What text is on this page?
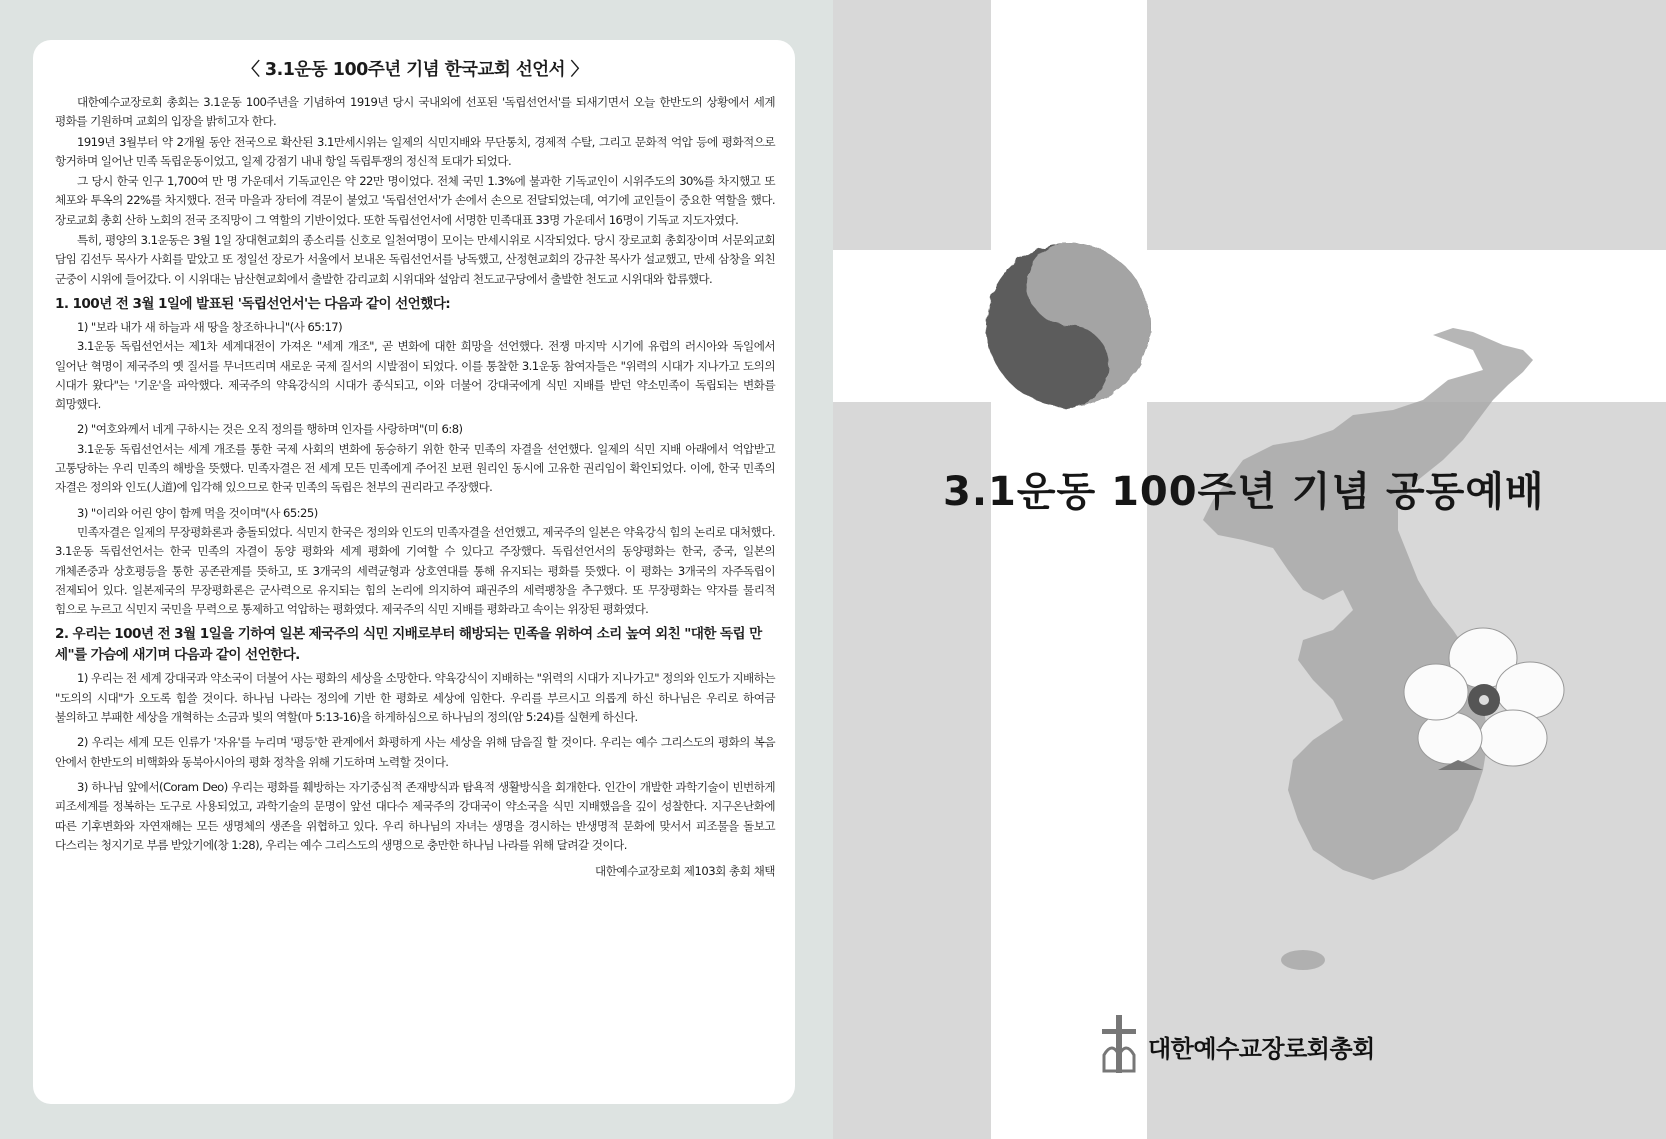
〈 3.1운동 100주년 기념 한국교회 선언서 〉

대한예수교장로회 총회는 3.1운동 100주년을 기념하여 1919년 당시 국내외에 선포된 '독립선언서'를 되새기면서 오늘 한반도의 상황에서 세계 평화를 기원하며 교회의 입장을 밝히고자 한다.

1919년 3월부터 약 2개월 동안 전국으로 확산된 3.1만세시위는 일제의 식민지배와 무단통치, 경제적 수탈, 그리고 문화적 억압 등에 평화적으로 항거하며 일어난 민족 독립운동이었고, 일제 강점기 내내 항일 독립투쟁의 정신적 토대가 되었다.

그 당시 한국 인구 1,700여 만 명 가운데서 기독교인은 약 22만 명이었다. 전체 국민 1.3%에 불과한 기독교인이 시위주도의 30%를 차지했고 또 체포와 투옥의 22%를 차지했다. 전국 마을과 장터에 격문이 붙었고 '독립선언서'가 손에서 손으로 전달되었는데, 여기에 교인들이 중요한 역할을 했다. 장로교회 총회 산하 노회의 전국 조직망이 그 역할의 기반이었다. 또한 독립선언서에 서명한 민족대표 33명 가운데서 16명이 기독교 지도자였다.

특히, 평양의 3.1운동은 3월 1일 장대현교회의 종소리를 신호로 일천여명이 모이는 만세시위로 시작되었다. 당시 장로교회 총회장이며 서문외교회 담임 김선두 목사가 사회를 맡았고 또 정일선 장로가 서울에서 보내온 독립선언서를 낭독했고, 산정현교회의 강규찬 목사가 설교했고, 만세 삼창을 외친 군중이 시위에 들어갔다. 이 시위대는 남산현교회에서 출발한 감리교회 시위대와 설암리 천도교구당에서 출발한 천도교 시위대와 합류했다.

1. 100년 전 3월 1일에 발표된 '독립선언서'는 다음과 같이 선언했다:
1) "보라 내가 새 하늘과 새 땅을 창조하나니"(사 65:17)

3.1운동 독립선언서는 제1차 세계대전이 가져온 "세계 개조", 곧 변화에 대한 희망을 선언했다. 전쟁 마지막 시기에 유럽의 러시아와 독일에서 일어난 혁명이 제국주의 옛 질서를 무너뜨리며 새로운 국제 질서의 시발점이 되었다. 이를 통찰한 3.1운동 참여자들은 "위력의 시대가 지나가고 도의의 시대가 왔다"는 '기운'을 파악했다. 제국주의 약육강식의 시대가 종식되고, 이와 더불어 강대국에게 식민 지배를 받던 약소민족이 독립되는 변화를 희망했다.

2) "여호와께서 네게 구하시는 것은 오직 정의를 행하며 인자를 사랑하며"(미 6:8)

3.1운동 독립선언서는 세계 개조를 통한 국제 사회의 변화에 동승하기 위한 한국 민족의 자결을 선언했다. 일제의 식민 지배 아래에서 억압받고 고통당하는 우리 민족의 해방을 뜻했다. 민족자결은 전 세계 모든 민족에게 주어진 보편 원리인 동시에 고유한 권리임이 확인되었다. 이에, 한국 민족의 자결은 정의와 인도(人道)에 입각해 있으므로 한국 민족의 독립은 천부의 권리라고 주장했다.

3) "이리와 어린 양이 함께 먹을 것이며"(사 65:25)

민족자결은 일제의 무장평화론과 충돌되었다. 식민지 한국은 정의와 인도의 민족자결을 선언했고, 제국주의 일본은 약육강식 힘의 논리로 대처했다. 3.1운동 독립선언서는 한국 민족의 자결이 동양 평화와 세계 평화에 기여할 수 있다고 주장했다. 독립선언서의 동양평화는 한국, 중국, 일본의 개체존중과 상호평등을 통한 공존관계를 뜻하고, 또 3개국의 세력균형과 상호연대를 통해 유지되는 평화를 뜻했다. 이 평화는 3개국의 자주독립이 전제되어 있다. 일본제국의 무장평화론은 군사력으로 유지되는 힘의 논리에 의지하여 패권주의 세력팽창을 추구했다. 또 무장평화는 약자를 물리적 힘으로 누르고 식민지 국민을 무력으로 통제하고 억압하는 평화였다. 제국주의 식민 지배를 평화라고 속이는 위장된 평화였다.

2. 우리는 100년 전 3월 1일을 기하여 일본 제국주의 식민 지배로부터 해방되는 민족을 위하여 소리 높여 외친 "대한 독립 만세"를 가슴에 새기며 다음과 같이 선언한다.

1) 우리는 전 세계 강대국과 약소국이 더불어 사는 평화의 세상을 소망한다. 약육강식이 지배하는 "위력의 시대가 지나가고" 정의와 인도가 지배하는 "도의의 시대"가 오도록 힘쓸 것이다. 하나님 나라는 정의에 기반 한 평화로 세상에 임한다. 우리를 부르시고 의롭게 하신 하나님은 우리로 하여금 불의하고 부패한 세상을 개혁하는 소금과 빛의 역할(마 5:13-16)을 하게하심으로 하나님의 정의(암 5:24)를 실현케 하신다.

2) 우리는 세계 모든 인류가 '자유'를 누리며 '평등'한 관계에서 화평하게 사는 세상을 위해 담음질 할 것이다. 우리는 예수 그리스도의 평화의 복음 안에서 한반도의 비핵화와 동북아시아의 평화 정착을 위해 기도하며 노력할 것이다.

3) 하나님 앞에서(Coram Deo) 우리는 평화를 훼방하는 자기중심적 존재방식과 탐욕적 생활방식을 회개한다. 인간이 개발한 과학기술이 빈번하게 피조세계를 정복하는 도구로 사용되었고, 과학기술의 문명이 앞선 대다수 제국주의 강대국이 약소국을 식민 지배했음을 깊이 성찰한다. 지구온난화에 따른 기후변화와 자연재해는 모든 생명체의 생존을 위협하고 있다. 우리 하나님의 자녀는 생명을 경시하는 반생명적 문화에 맞서서 피조물을 돌보고 다스리는 청지기로 부름 받았기에(창 1:28), 우리는 예수 그리스도의 생명으로 충만한 하나님 나라를 위해 달려갈 것이다.

대한예수교장로회 제103회 총회 채택
3.1운동 100주년 기념 공동예배
대한예수교장로회총회
